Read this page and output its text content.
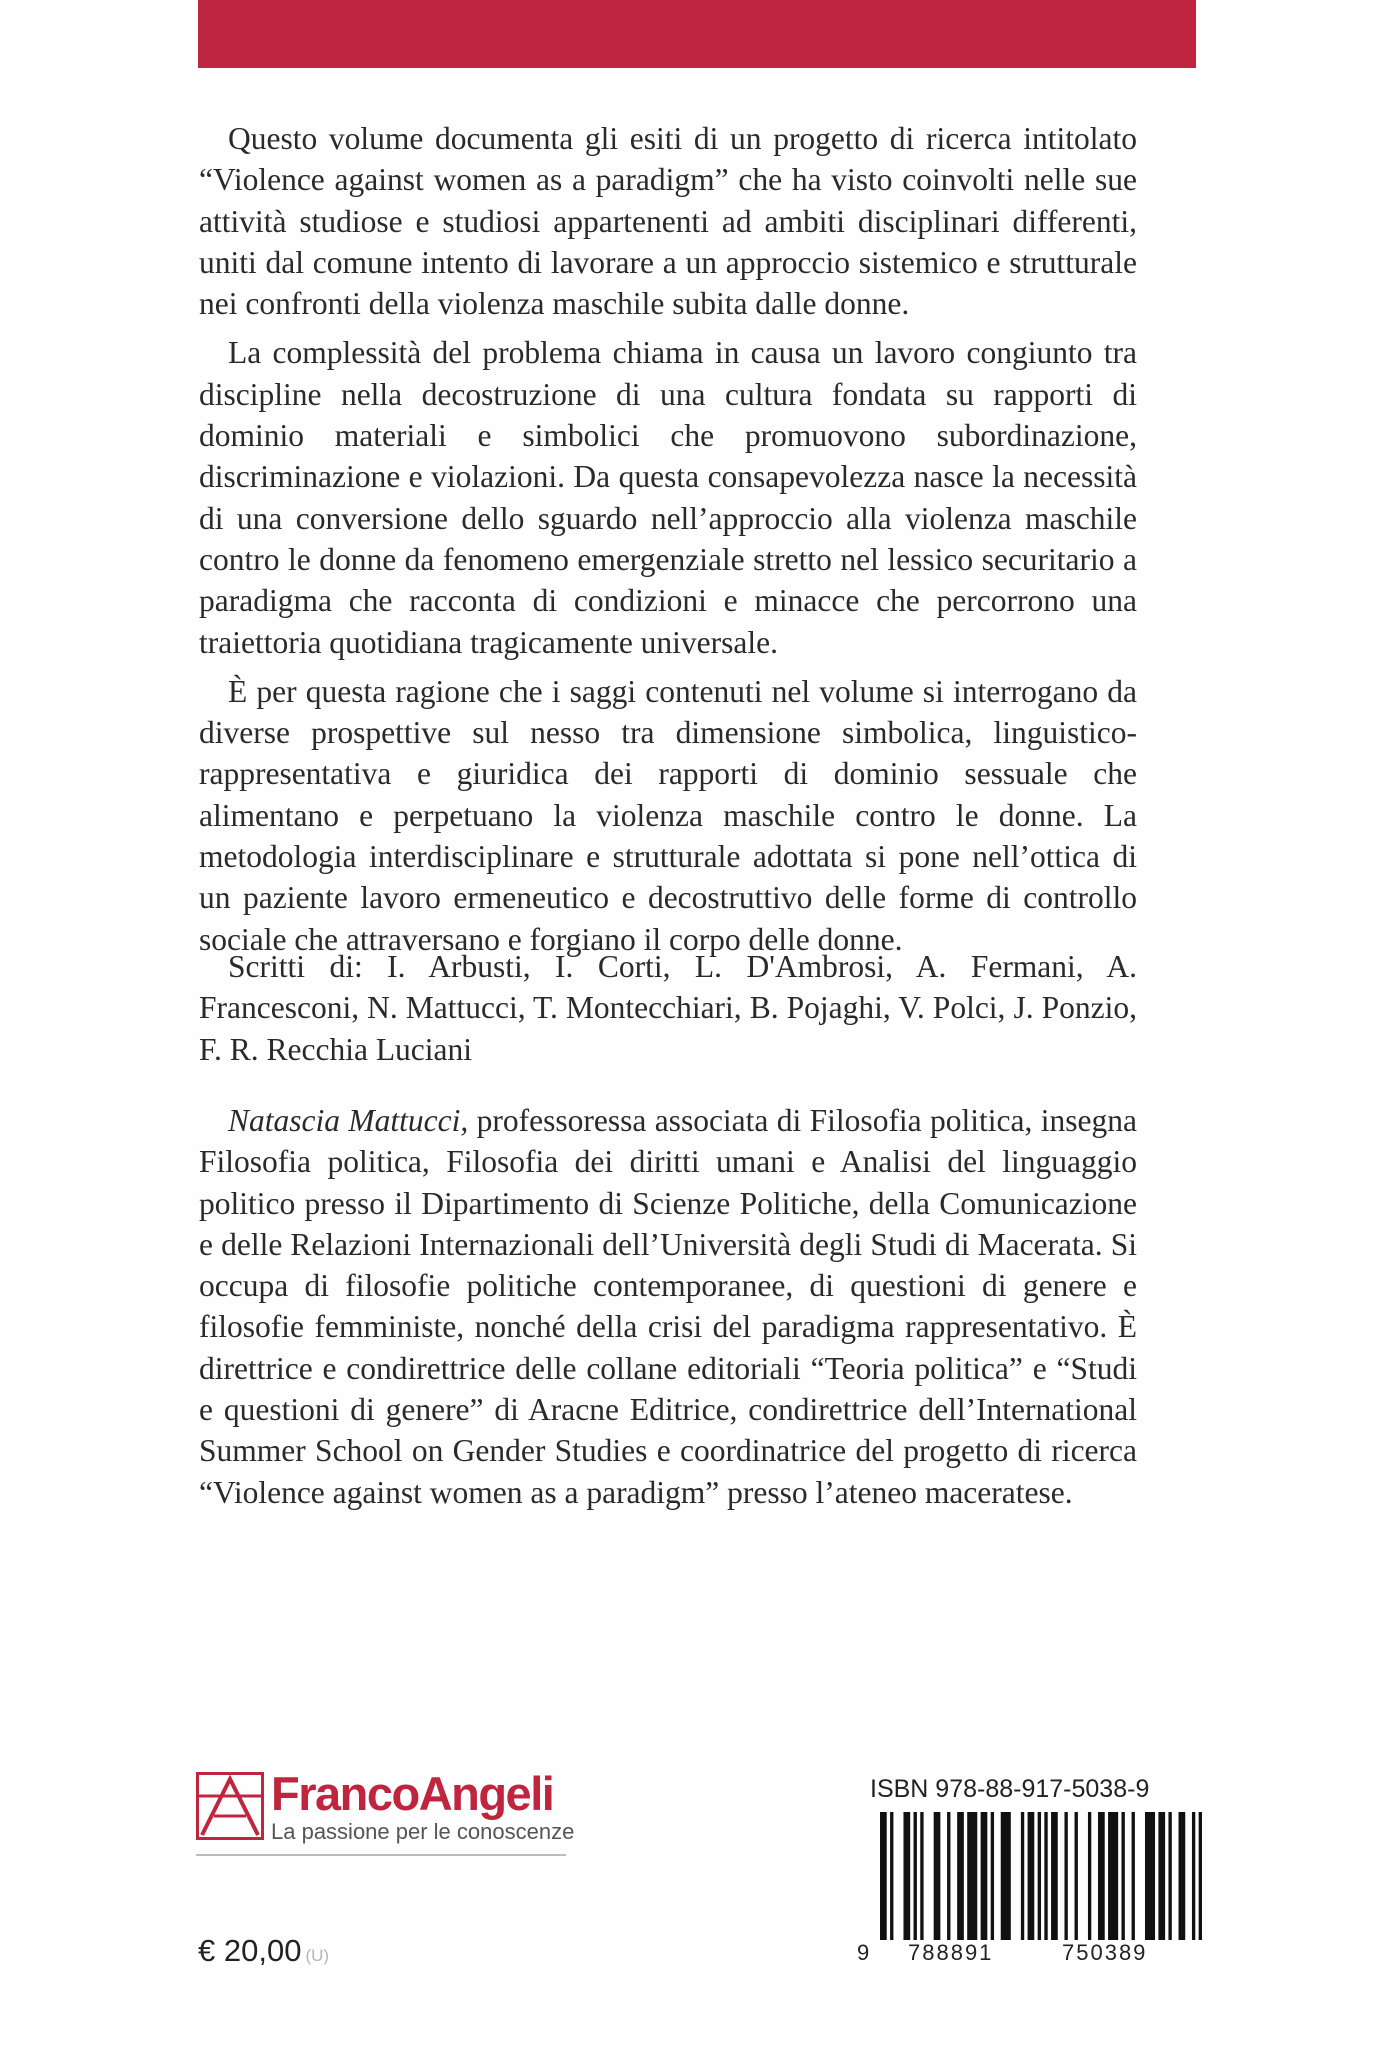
Questo volume documenta gli esiti di un progetto di ricerca intitolato “Violence against women as a paradigm” che ha visto coinvolti nelle sue attività studiose e studiosi appartenenti ad ambiti disciplinari differenti, uniti dal comune intento di lavorare a un approccio sistemico e strutturale nei confronti della violenza maschile subita dalle donne.

La complessità del problema chiama in causa un lavoro congiunto tra discipline nella decostruzione di una cultura fondata su rapporti di dominio materiali e simbolici che promuovono subordinazione, discriminazione e violazioni. Da questa consapevolezza nasce la necessità di una conversione dello sguardo nell’approccio alla violenza maschile contro le donne da fenomeno emergenziale stretto nel lessico securitario a paradigma che racconta di condizioni e minacce che percorrono una traiettoria quotidiana tragicamente universale.

È per questa ragione che i saggi contenuti nel volume si interrogano da diverse prospettive sul nesso tra dimensione simbolica, linguistico-rappresentativa e giuridica dei rapporti di dominio sessuale che alimentano e perpetuano la violenza maschile contro le donne. La metodologia interdisciplinare e strutturale adottata si pone nell’ottica di un paziente lavoro ermeneutico e decostruttivo delle forme di controllo sociale che attraversano e forgiano il corpo delle donne.

Scritti di: I. Arbusti, I. Corti, L. D'Ambrosi, A. Fermani, A. Francesconi, N. Mattucci, T. Montecchiari, B. Pojaghi, V. Polci, J. Ponzio, F. R. Recchia Luciani
Natascia Mattucci, professoressa associata di Filosofia politica, insegna Filosofia politica, Filosofia dei diritti umani e Analisi del linguaggio politico presso il Dipartimento di Scienze Politiche, della Comunicazione e delle Relazioni Internazionali dell’Università degli Studi di Macerata. Si occupa di filosofie politiche contemporanee, di questioni di genere e filosofie femministe, nonché della crisi del paradigma rappresentativo. È direttrice e condirettrice delle collane editoriali “Teoria politica” e “Studi e questioni di genere” di Aracne Editrice, condirettrice dell’International Summer School on Gender Studies e coordinatrice del progetto di ricerca “Violence against women as a paradigm” presso l’ateneo maceratese.
FrancoAngeli
La passione per le conoscenze
€ 20,00 (U)
ISBN 978-88-917-5038-9
9 788891	750389
